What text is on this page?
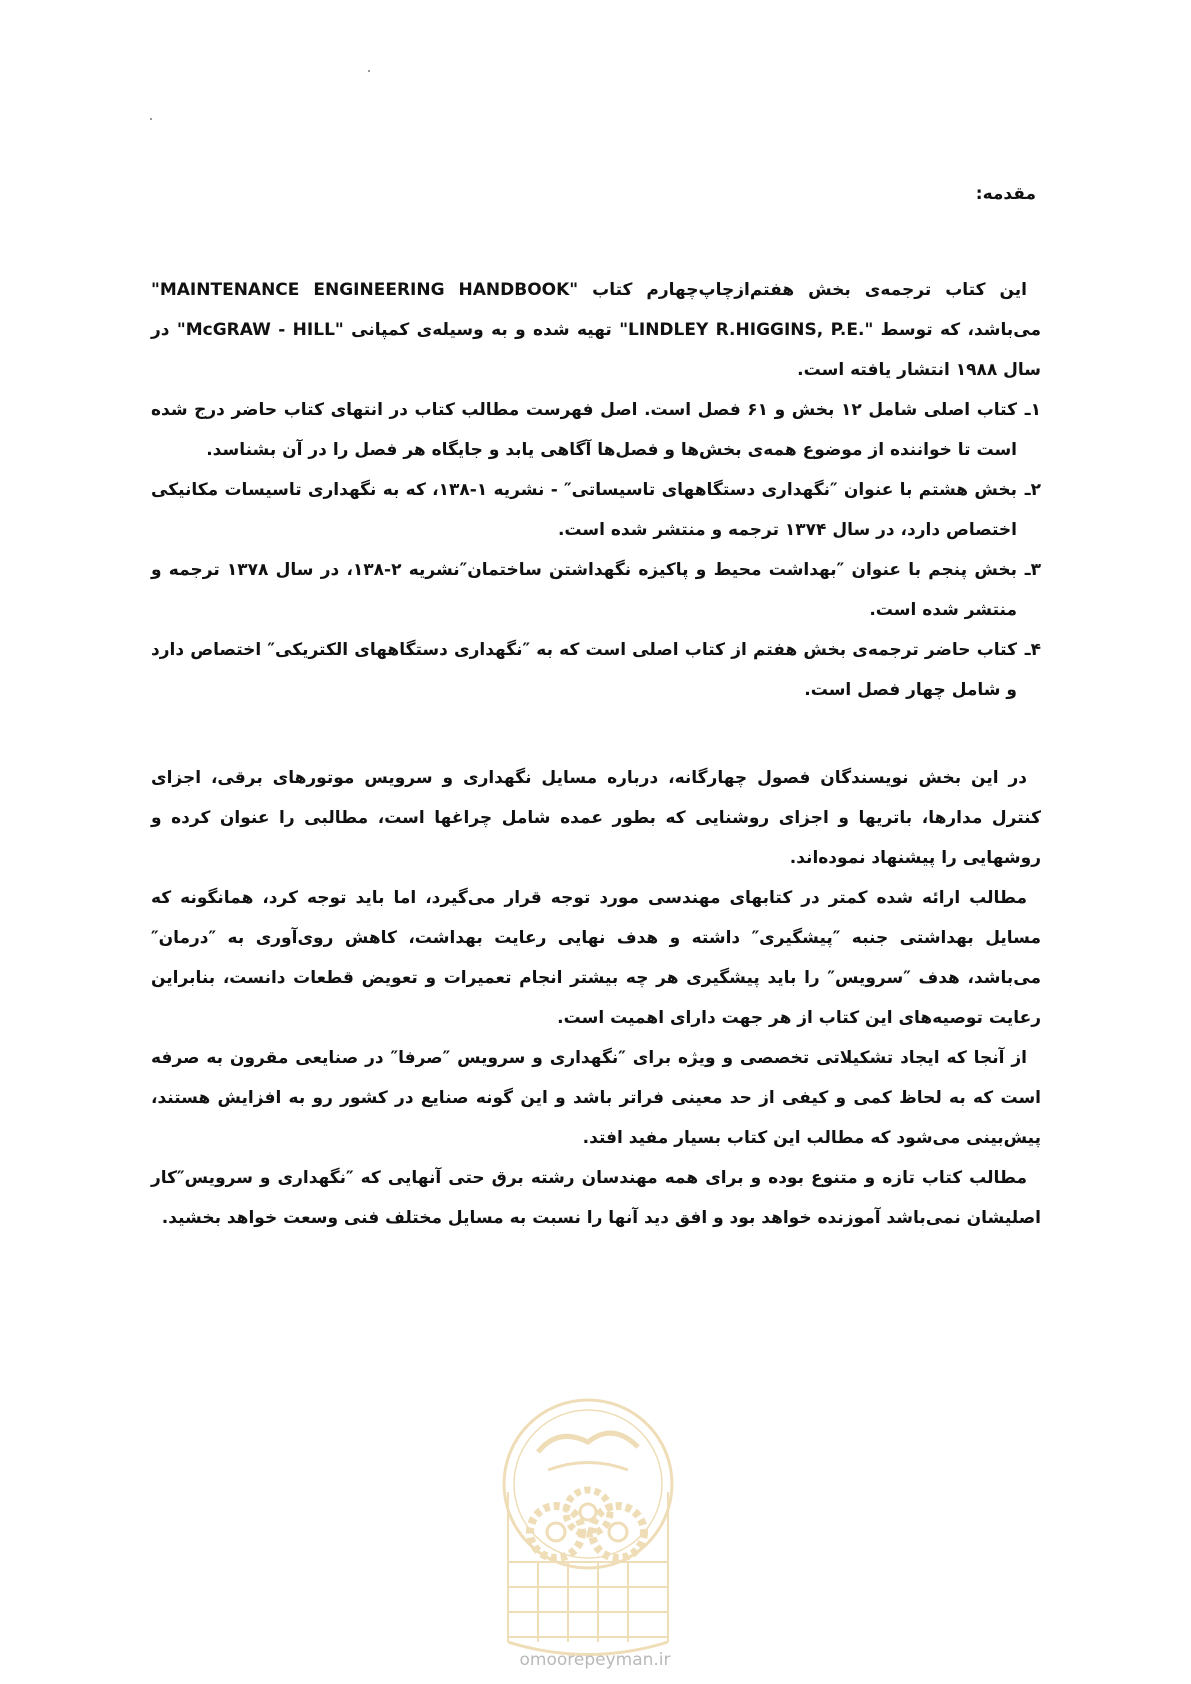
مقدمه:

این کتاب ترجمه‌ی بخش هفتم‌ازچاپ‌چهارم کتاب "MAINTENANCE ENGINEERING HANDBOOK" می‌باشد، که توسط "LINDLEY R.HIGGINS, P.E." تهیه شده و به وسیله‌ی کمپانی "McGRAW - HILL" در سال ۱۹۸۸ انتشار یافته است.

۱ـ
کتاب اصلی شامل ۱۲ بخش و ۶۱ فصل است. اصل فهرست مطالب کتاب در انتهای کتاب حاضر درج شده است تا خواننده از موضوع همه‌ی بخش‌ها و فصل‌ها آگاهی یابد و جایگاه هر فصل را در آن بشناسد.
۲ـ
بخش هشتم با عنوان ″نگهداری دستگاههای تاسیساتی″ - نشریه ۱-۱۳۸، که به نگهداری تاسیسات مکانیکی اختصاص دارد، در سال ۱۳۷۴ ترجمه و منتشر شده است.
۳ـ
بخش پنجم با عنوان ″بهداشت محیط و پاکیزه نگهداشتن ساختمان″نشریه ۲-۱۳۸، در سال ۱۳۷۸ ترجمه و منتشر شده است.
۴ـ
کتاب حاضر ترجمه‌ی بخش هفتم از کتاب اصلی است که به ″نگهداری دستگاههای الکتریکی″ اختصاص دارد و شامل چهار فصل است.

در این بخش نویسندگان فصول چهارگانه، درباره مسایل نگهداری و سرویس موتورهای برقی، اجزای کنترل مدارها، باتریها و اجزای روشنایی که بطور عمده شامل چراغها است، مطالبی را عنوان کرده و روشهایی را پیشنهاد نموده‌اند.

مطالب ارائه شده کمتر در کتابهای مهندسی مورد توجه قرار می‌گیرد، اما باید توجه کرد، همانگونه که مسایل بهداشتی جنبه ″پیشگیری″ داشته و هدف نهایی رعایت بهداشت، کاهش روی‌آوری به ″درمان″ می‌باشد، هدف ″سرویس″ را باید پیشگیری هر چه بیشتر انجام تعمیرات و تعویض قطعات دانست، بنابراین رعایت توصیه‌های این کتاب از هر جهت دارای اهمیت است.

از آنجا که ایجاد تشکیلاتی تخصصی و ویژه برای ″نگهداری و سرویس ″صرفا″ در صنایعی مقرون به صرفه است که به لحاظ کمی و کیفی از حد معینی فراتر باشد و این گونه صنایع در کشور رو به افزایش هستند، پیش‌بینی می‌شود که مطالب این کتاب بسیار مفید افتد.

مطالب کتاب تازه و متنوع بوده و برای همه مهندسان رشته برق حتی آنهایی که ″نگهداری و سرویس″کار اصلیشان نمی‌باشد آموزنده خواهد بود و افق دید آنها را نسبت به مسایل مختلف فنی وسعت خواهد بخشید.

omoorepeyman.ir
